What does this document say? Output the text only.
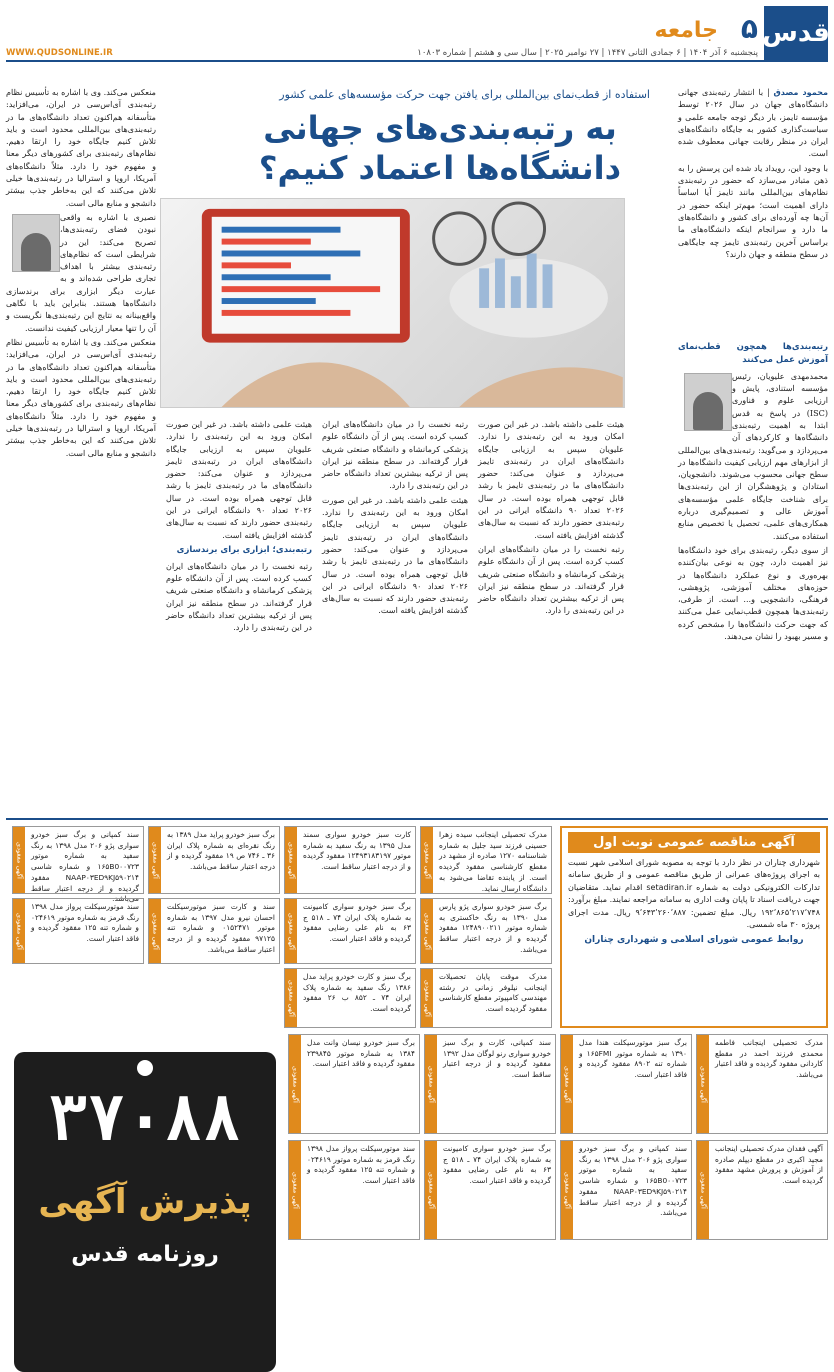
قدس
۵
جامعه
پنجشنبه ۶ آذر ۱۴۰۴ | ۶ جمادی الثانی ۱۴۴۷ | ۲۷ نوامبر ۲۰۲۵ | سال سی و هشتم | شماره ۱۰۸۰۳
WWW.QUDSONLINE.IR
استفاده از قطب‌نمای بین‌المللی برای یافتن جهت حرکت مؤسسه‌های علمی کشور
به رتبه‌بندی‌های جهانی
دانشگاه‌ها اعتماد کنیم؟

محمود مصدق | با انتشار رتبه‌بندی جهانی دانشگاه‌های جهان در سال ۲۰۲۶ توسط مؤسسه تایمز، بار دیگر توجه جامعه علمی و سیاست‌گذاری کشور به جایگاه دانشگاه‌های ایران در منظر رقابت جهانی معطوف شده است.

با وجود این، رویداد یاد شده این پرسش را به ذهن متبادر می‌سازد که حضور در رتبه‌بندی نظام‌های بین‌المللی مانند تایمز آیا اساساً دارای اهمیت است؛ مهم‌تر اینکه حضور در آن‌ها چه آورده‌ای برای کشور و دانشگاه‌های ما دارد و سرانجام اینکه دانشگاه‌های ما براساس آخرین رتبه‌بندی تایمز چه جایگاهی در سطح منطقه و جهان دارند؟

رتبه‌بندی‌ها همچون قطب‌نمای آموزش عمل می‌کنند

محمدمهدی علیویان، رئیس مؤسسه استنادی، پایش و ارزیابی علوم و فناوری (ISC) در پاسخ به قدس ابتدا به اهمیت رتبه‌بندی دانشگاه‌ها و کارکردهای آن می‌پردازد و می‌گوید: رتبه‌بندی‌های بین‌المللی از ابزارهای مهم ارزیابی کیفیت دانشگاه‌ها در سطح جهانی محسوب می‌شوند. دانشجویان، استادان و پژوهشگران از این رتبه‌بندی‌ها برای شناخت جایگاه علمی مؤسسه‌های آموزش عالی و تصمیم‌گیری درباره همکاری‌های علمی، تحصیل یا تخصیص منابع استفاده می‌کنند.

از سوی دیگر، رتبه‌بندی برای خود دانشگاه‌ها نیز اهمیت دارد، چون به نوعی بیان‌کننده بهره‌وری و نوع عملکرد دانشگاه‌ها در حوزه‌های مختلف آموزشی، پژوهشی، فرهنگی، دانشجویی و... است. از طرفی، رتبه‌بندی‌ها همچون قطب‌نمایی عمل می‌کنند که جهت حرکت دانشگاه‌ها را مشخص کرده و مسیر بهبود را نشان می‌دهند.

هیئت علمی داشته باشد. در غیر این صورت امکان ورود به این رتبه‌بندی را ندارد. علیویان سپس به ارزیابی جایگاه دانشگاه‌های ایران در رتبه‌بندی تایمز می‌پردازد و عنوان می‌کند: حضور دانشگاه‌های ما در رتبه‌بندی تایمز با رشد قابل توجهی همراه بوده است. در سال ۲۰۲۶ تعداد ۹۰ دانشگاه ایرانی در این رتبه‌بندی حضور دارند که نسبت به سال‌های گذشته افزایش یافته است.

رتبه نخست را در میان دانشگاه‌های ایران کسب کرده است. پس از آن دانشگاه علوم پزشکی کرمانشاه و دانشگاه صنعتی شریف قرار گرفته‌اند. در سطح منطقه نیز ایران پس از ترکیه بیشترین تعداد دانشگاه حاضر در این رتبه‌بندی را دارد.

رتبه نخست را در میان دانشگاه‌های ایران کسب کرده است. پس از آن دانشگاه علوم پزشکی کرمانشاه و دانشگاه صنعتی شریف قرار گرفته‌اند. در سطح منطقه نیز ایران پس از ترکیه بیشترین تعداد دانشگاه حاضر در این رتبه‌بندی را دارد.

هیئت علمی داشته باشد. در غیر این صورت امکان ورود به این رتبه‌بندی را ندارد. علیویان سپس به ارزیابی جایگاه دانشگاه‌های ایران در رتبه‌بندی تایمز می‌پردازد و عنوان می‌کند: حضور دانشگاه‌های ما در رتبه‌بندی تایمز با رشد قابل توجهی همراه بوده است. در سال ۲۰۲۶ تعداد ۹۰ دانشگاه ایرانی در این رتبه‌بندی حضور دارند که نسبت به سال‌های گذشته افزایش یافته است.

هیئت علمی داشته باشد. در غیر این صورت امکان ورود به این رتبه‌بندی را ندارد. علیویان سپس به ارزیابی جایگاه دانشگاه‌های ایران در رتبه‌بندی تایمز می‌پردازد و عنوان می‌کند: حضور دانشگاه‌های ما در رتبه‌بندی تایمز با رشد قابل توجهی همراه بوده است. در سال ۲۰۲۶ تعداد ۹۰ دانشگاه ایرانی در این رتبه‌بندی حضور دارند که نسبت به سال‌های گذشته افزایش یافته است.

رتبه‌بندی؛ ابزاری برای برندسازی

رتبه نخست را در میان دانشگاه‌های ایران کسب کرده است. پس از آن دانشگاه علوم پزشکی کرمانشاه و دانشگاه صنعتی شریف قرار گرفته‌اند. در سطح منطقه نیز ایران پس از ترکیه بیشترین تعداد دانشگاه حاضر در این رتبه‌بندی را دارد.

منعکس می‌کند. وی با اشاره به تأسیس نظام رتبه‌بندی آی‌اس‌سی در ایران، می‌افزاید: متأسفانه هم‌اکنون تعداد دانشگاه‌های ما در رتبه‌بندی‌های بین‌المللی محدود است و باید تلاش کنیم جایگاه خود را ارتقا دهیم. نظام‌های رتبه‌بندی برای کشورهای دیگر معنا و مفهوم خود را دارد. مثلاً دانشگاه‌های آمریکا، اروپا و استرالیا در رتبه‌بندی‌ها خیلی تلاش می‌کنند که این به‌خاطر جذب بیشتر دانشجو و منابع مالی است.

نصیری با اشاره به واقعی نبودن فضای رتبه‌بندی‌ها، تصریح می‌کند: این در شرایطی است که نظام‌های رتبه‌بندی بیشتر با اهداف تجاری طراحی شده‌اند و به عبارت دیگر ابزاری برای برندسازی دانشگاه‌ها هستند. بنابراین باید با نگاهی واقع‌بینانه به نتایج این رتبه‌بندی‌ها نگریست و آن را تنها معیار ارزیابی کیفیت ندانست.

منعکس می‌کند. وی با اشاره به تأسیس نظام رتبه‌بندی آی‌اس‌سی در ایران، می‌افزاید: متأسفانه هم‌اکنون تعداد دانشگاه‌های ما در رتبه‌بندی‌های بین‌المللی محدود است و باید تلاش کنیم جایگاه خود را ارتقا دهیم. نظام‌های رتبه‌بندی برای کشورهای دیگر معنا و مفهوم خود را دارد. مثلاً دانشگاه‌های آمریکا، اروپا و استرالیا در رتبه‌بندی‌ها خیلی تلاش می‌کنند که این به‌خاطر جذب بیشتر دانشجو و منابع مالی است.

آگهی مناقصه عمومی نوبت اول
شهرداری چناران در نظر دارد با توجه به مصوبه شورای اسلامی شهر نسبت به اجرای پروژه‌های عمرانی از طریق مناقصه عمومی و از طریق سامانه تدارکات الکترونیکی دولت به شماره setadiran.ir اقدام نماید. متقاضیان جهت دریافت اسناد تا پایان وقت اداری به سامانه مراجعه نمایند. مبلغ برآورد: ۱۹۲٬۸۶۵٬۲۱۷٬۷۴۸ ریال. مبلغ تضمین: ۹٬۶۴۳٬۲۶۰٬۸۸۷ ریال. مدت اجرای پروژه ۳۰ ماه شمسی.
روابط عمومی شورای اسلامی و شهرداری چناران
آگهی مفقودی
مدرک تحصیلی اینجانب سیده زهرا حسینی فرزند سید جلیل به شماره شناسنامه ۱۲۷۰ صادره از مشهد در مقطع کارشناسی مفقود گردیده است. از یابنده تقاضا می‌شود به دانشگاه ارسال نماید.
آگهی مفقودی
کارت سبز خودرو سواری سمند مدل ۱۳۹۵ به رنگ سفید به شماره موتور ۱۲۴۹۳۱۸۳۱۹۷ مفقود گردیده و از درجه اعتبار ساقط است.
آگهی مفقودی
برگ سبز خودرو پراید مدل ۱۳۸۹ به رنگ نقره‌ای به شماره پلاک ایران ۳۶ ـ ۷۴۶ ص ۱۹ مفقود گردیده و از درجه اعتبار ساقط می‌باشد.
آگهی مفقودی
سند کمپانی و برگ سبز خودرو سواری پژو ۲۰۶ مدل ۱۳۹۸ به رنگ سفید به شماره موتور ۱۶۵B0۰۰۷۲۳ و شماره شاسی NAAP۰۳ED۹KJ۵۹۰۲۱۴ مفقود گردیده و از درجه اعتبار ساقط می‌باشد.
آگهی مفقودی
برگ سبز خودرو سواری پژو پارس مدل ۱۳۹۰ به رنگ خاکستری به شماره موتور ۱۲۴۸۹۰۰۲۱۱ مفقود گردیده و از درجه اعتبار ساقط می‌باشد.
آگهی مفقودی
برگ سبز خودرو سواری کامیونت به شماره پلاک ایران ۷۴ ـ ۵۱۸ ج ۶۳ به نام علی رضایی مفقود گردیده و فاقد اعتبار است.
آگهی مفقودی
سند و کارت سبز موتورسیکلت احسان نیرو مدل ۱۳۹۷ به شماره موتور ۰۱۵۲۴۷۱ و شماره تنه ۹۷۱۲۵ مفقود گردیده و از درجه اعتبار ساقط می‌باشد.
آگهی مفقودی
سند موتورسیکلت پرواز مدل ۱۳۹۸ رنگ قرمز به شماره موتور ۰۲۴۶۱۹ و شماره تنه ۱۲۵ مفقود گردیده و فاقد اعتبار است.
آگهی مفقودی
مدرک موقت پایان تحصیلات اینجانب نیلوفر زمانی در رشته مهندسی کامپیوتر مقطع کارشناسی مفقود گردیده است.
آگهی مفقودی
برگ سبز و کارت خودرو پراید مدل ۱۳۸۶ رنگ سفید به شماره پلاک ایران ۷۴ ـ ۸۵۲ ب ۲۶ مفقود گردیده است.
۳۷۰۸۸
پذیرش آگهی
روزنامه قدس
آگهی مفقودی
مدرک تحصیلی اینجانب فاطمه محمدی فرزند احمد در مقطع کاردانی مفقود گردیده و فاقد اعتبار می‌باشد.
آگهی مفقودی
برگ سبز موتورسیکلت هندا مدل ۱۳۹۰ به شماره موتور ۱۶۵FMI و شماره تنه ۸۹۰۲ مفقود گردیده و فاقد اعتبار است.
آگهی مفقودی
سند کمپانی، کارت و برگ سبز خودرو سواری رنو لوگان مدل ۱۳۹۲ مفقود گردیده و از درجه اعتبار ساقط است.
آگهی مفقودی
برگ سبز خودرو نیسان وانت مدل ۱۳۸۴ به شماره موتور ۲۳۹۸۴۵ مفقود گردیده و فاقد اعتبار است.
آگهی مفقودی
آگهی فقدان مدرک تحصیلی اینجانب مجید اکبری در مقطع دیپلم صادره از آموزش و پرورش مشهد مفقود گردیده است.
آگهی مفقودی
سند کمپانی و برگ سبز خودرو سواری پژو ۲۰۶ مدل ۱۳۹۸ به رنگ سفید به شماره موتور ۱۶۵B0۰۰۷۲۳ و شماره شاسی NAAP۰۳ED۹KJ۵۹۰۲۱۴ مفقود گردیده و از درجه اعتبار ساقط می‌باشد.
آگهی مفقودی
برگ سبز خودرو سواری کامیونت به شماره پلاک ایران ۷۴ ـ ۵۱۸ ج ۶۳ به نام علی رضایی مفقود گردیده و فاقد اعتبار است.
آگهی مفقودی
سند موتورسیکلت پرواز مدل ۱۳۹۸ رنگ قرمز به شماره موتور ۰۲۴۶۱۹ و شماره تنه ۱۲۵ مفقود گردیده و فاقد اعتبار است.
